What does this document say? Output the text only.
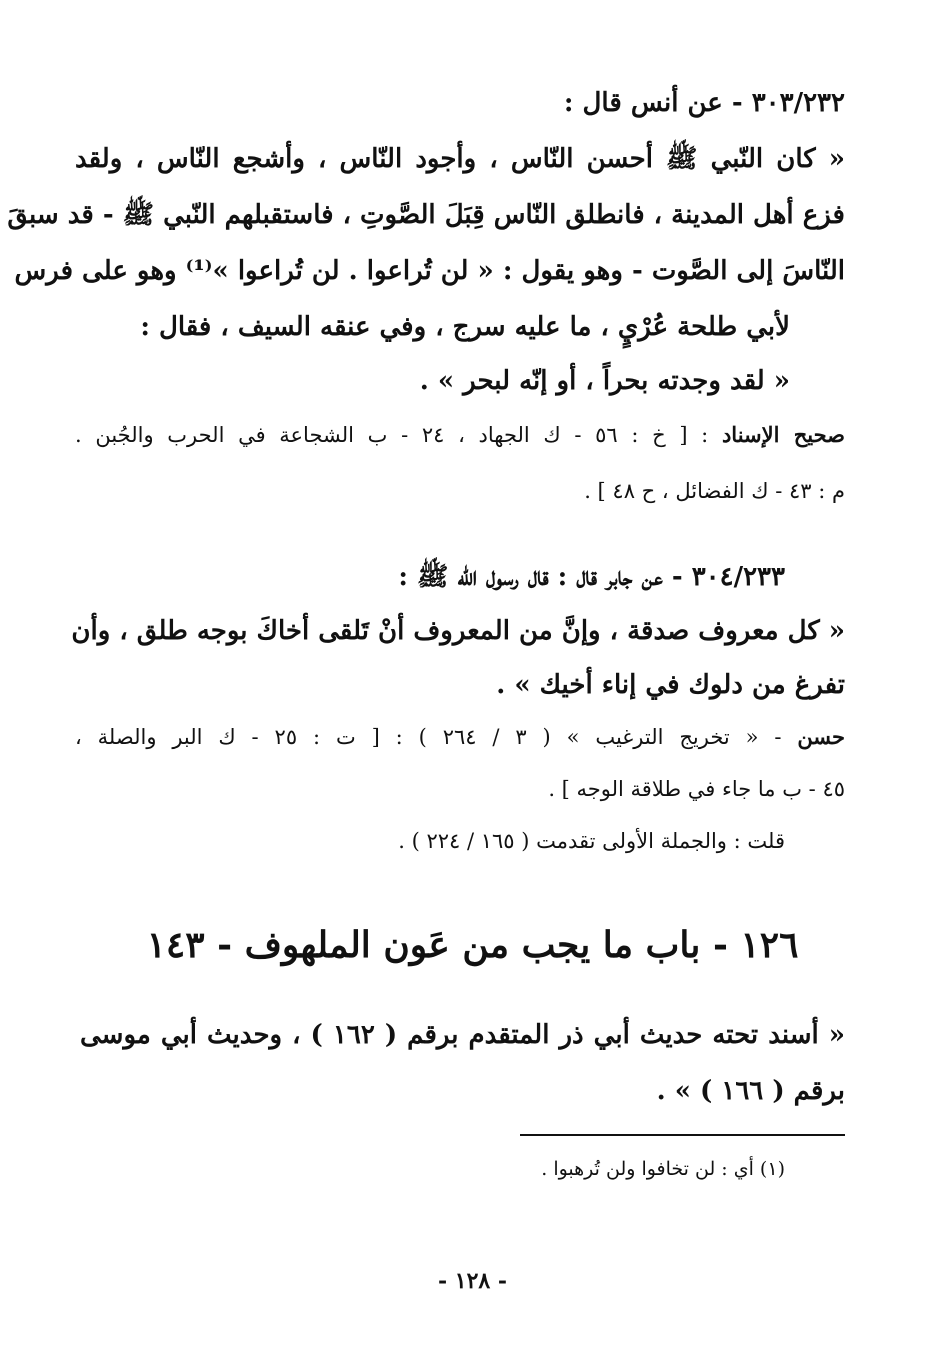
٣٠٣/٢٣٢ - عن أنس قال :
« كان النّبي ﷺ أحسن النّاس ، وأجود النّاس ، وأشجع النّاس ، ولقد
فزع أهل المدينة ، فانطلق النّاس قِبَلَ الصَّوتِ ، فاستقبلهم النّبي ﷺ - قد سبقَ
النّاسَ إلى الصَّوت - وهو يقول : « لن تُراعوا . لن تُراعوا »⁽¹⁾ وهو على فرس
لأبي طلحة عُرْيٍ ، ما عليه سرج ، وفي عنقه السيف ، فقال :
« لقد وجدته بحراً ، أو إنّه لبحر » .
صحيح الإسناد : [ خ : ٥٦ - ك الجهاد ، ٢٤ - ب الشجاعة في الحرب والجُبن .
م : ٤٣ - ك الفضائل ، ح ٤٨ ] .
٣٠٤/٢٣٣ - عن جابر قال : قال رسول الله ﷺ :
« كل معروف صدقة ، وإنَّ من المعروف أنْ تَلقى أخاكَ بوجه طلق ، وأن
تفرغ من دلوك في إناء أخيك » .
حسن - « تخريج الترغيب » ( ٣ / ٢٦٤ ) : [ ت : ٢٥ - ك البر والصلة ،
٤٥ - ب ما جاء في طلاقة الوجه ] .
قلت : والجملة الأولى تقدمت ( ١٦٥ / ٢٢٤ ) .
١٢٦ - باب ما يجب من عَون الملهوف - ١٤٣
« أسند تحته حديث أبي ذر المتقدم برقم ( ١٦٢ ) ، وحديث أبي موسى
برقم ( ١٦٦ ) » .
(١) أي : لن تخافوا ولن تُرهبوا .
- ١٢٨ -
